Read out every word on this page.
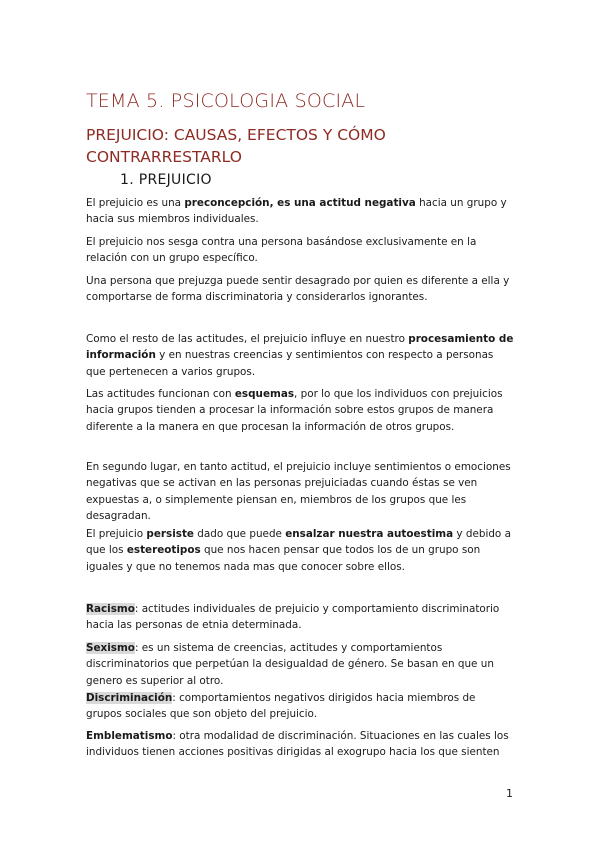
TEMA 5. PSICOLOGIA SOCIAL
PREJUICIO: CAUSAS, EFECTOS Y CÓMO CONTRARRESTARLO
1. PREJUICIO
El prejuicio es una preconcepción, es una actitud negativa hacia un grupo y hacia sus miembros individuales.
El prejuicio nos sesga contra una persona basándose exclusivamente en la relación con un grupo específico.
Una persona que prejuzga puede sentir desagrado por quien es diferente a ella y comportarse de forma discriminatoria y considerarlos ignorantes.
Como el resto de las actitudes, el prejuicio influye en nuestro procesamiento de información y en nuestras creencias y sentimientos con respecto a personas que pertenecen a varios grupos.
Las actitudes funcionan con esquemas, por lo que los individuos con prejuicios hacia grupos tienden a procesar la información sobre estos grupos de manera diferente a la manera en que procesan la información de otros grupos.
En segundo lugar, en tanto actitud, el prejuicio incluye sentimientos o emociones negativas que se activan en las personas prejuiciadas cuando éstas se ven expuestas a, o simplemente piensan en, miembros de los grupos que les desagradan.
El prejuicio persiste dado que puede ensalzar nuestra autoestima y debido a que los estereotipos que nos hacen pensar que todos los de un grupo son iguales y que no tenemos nada mas que conocer sobre ellos.
Racismo: actitudes individuales de prejuicio y comportamiento discriminatorio hacia las personas de etnia determinada.
Sexismo: es un sistema de creencias, actitudes y comportamientos discriminatorios que perpetúan la desigualdad de género. Se basan en que un genero es superior al otro.
Discriminación: comportamientos negativos dirigidos hacia miembros de grupos sociales que son objeto del prejuicio.
Emblematismo: otra modalidad de discriminación. Situaciones en las cuales los individuos tienen acciones positivas dirigidas al exogrupo hacia los que sienten
1
